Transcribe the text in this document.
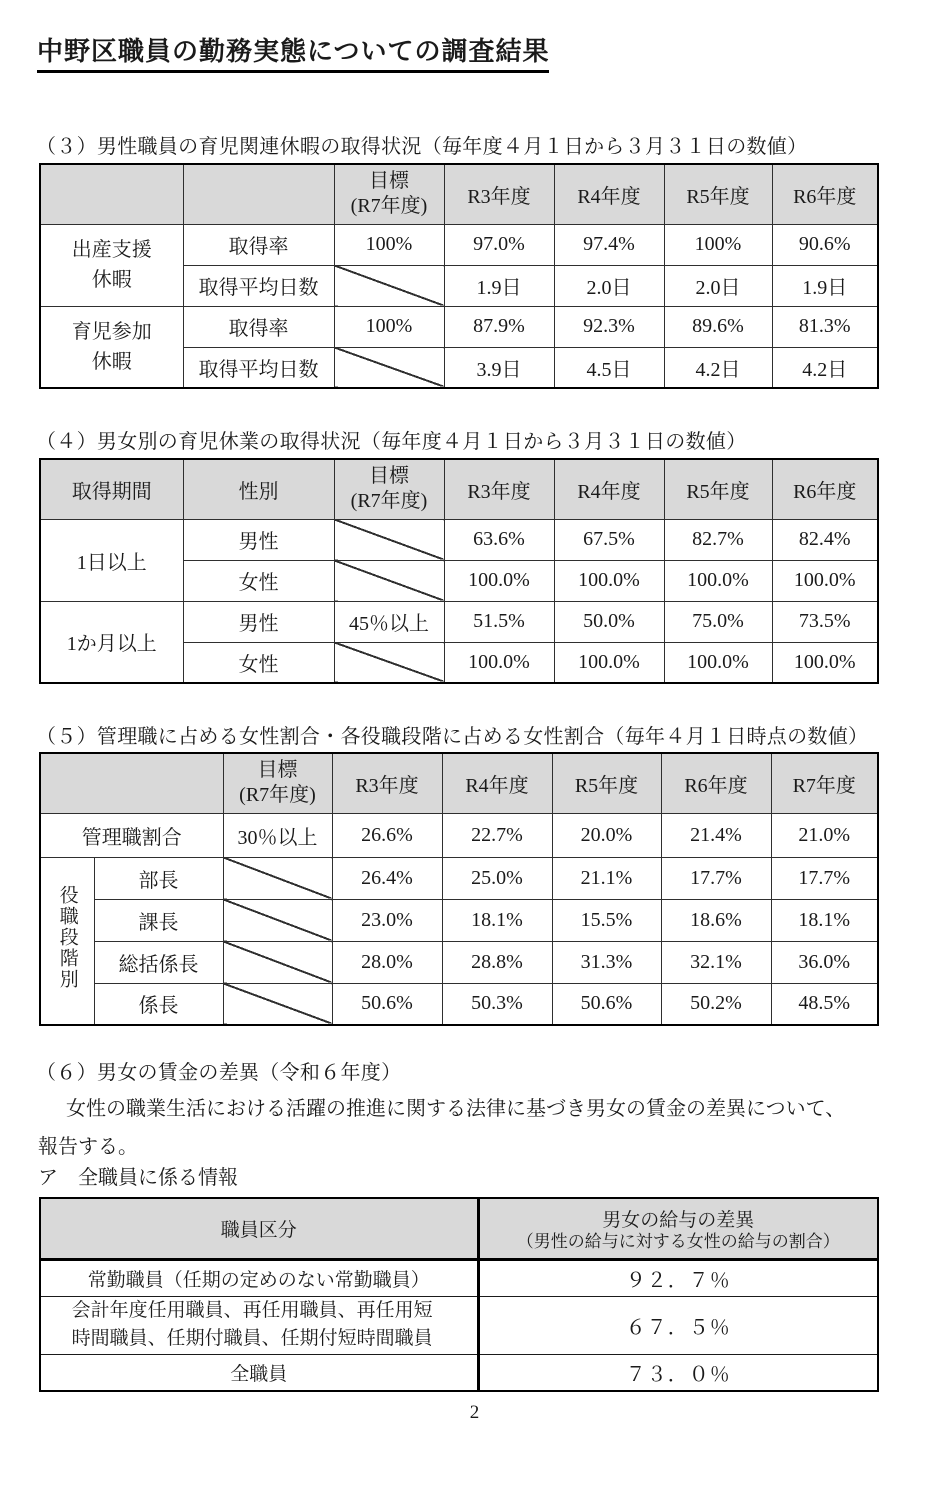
中野区職員の勤務実態についての調査結果
（３）男性職員の育児関連休暇の取得状況（毎年度４月１日から３月３１日の数値）

		目標
(R7年度)	R3年度	R4年度	R5年度	R6年度
出産支援休暇	取得率	100%	97.0%	97.4%	100%	90.6%
	取得平均日数		1.9日	2.0日	2.0日	1.9日
育児参加休暇	取得率	100%	87.9%	92.3%	89.6%	81.3%
	取得平均日数		3.9日	4.5日	4.2日	4.2日
（４）男女別の育児休業の取得状況（毎年度４月１日から３月３１日の数値）
取得期間	性別	目標
(R7年度)	R3年度	R4年度	R5年度	R6年度
1日以上	男性		63.6%	67.5%	82.7%	82.4%
	女性		100.0%	100.0%	100.0%	100.0%
1か月以上	男性	45％以上	51.5%	50.0%	75.0%	73.5%
	女性		100.0%	100.0%	100.0%	100.0%
（５）管理職に占める女性割合・各役職段階に占める女性割合（毎年４月１日時点の数値）

		目標
(R7年度)	R3年度	R4年度	R5年度	R6年度	R7年度
管理職割合		30％以上	26.6%	22.7%	20.0%	21.4%	21.0%
役職段階別	部長		26.4%	25.0%	21.1%	17.7%	17.7%
	課長		23.0%	18.1%	15.5%	18.6%	18.1%
	総括係長		28.0%	28.8%	31.3%	32.1%	36.0%
	係長		50.6%	50.3%	50.6%	50.2%	48.5%
（６）男女の賃金の差異（令和６年度）
女性の職業生活における活躍の推進に関する法律に基づき男女の賃金の差異について、
報告する。
ア　全職員に係る情報
職員区分	男女の給与の差異
（男性の給与に対する女性の給与の割合）

常勤職員（任期の定めのない常勤職員）	９２．７％
会計年度任用職員、再任用職員、再任用短時間職員、任期付職員、任期付短時間職員	６７．５％
全職員	７３．０％
2
